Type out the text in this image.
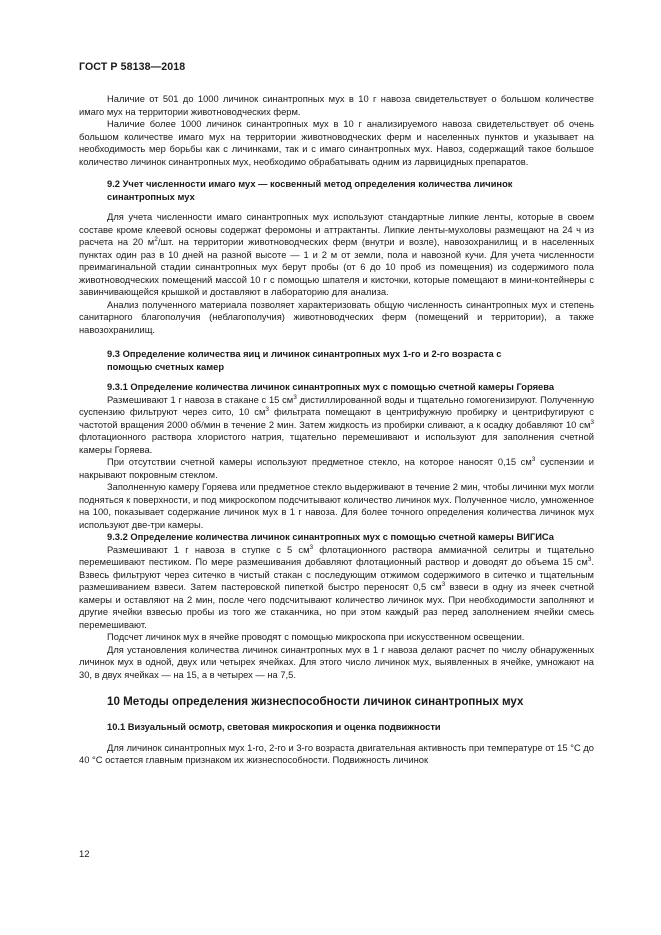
ГОСТ Р 58138—2018

Наличие от 501 до 1000 личинок синантропных мух в 10 г навоза свидетельствует о большом количестве имаго мух на территории животноводческих ферм.

Наличие более 1000 личинок синантропных мух в 10 г анализируемого навоза свидетельствует об очень большом количестве имаго мух на территории животноводческих ферм и населенных пунктов и указывает на необходимость мер борьбы как с личинками, так и с имаго синантропных мух. Навоз, содержащий такое большое количество личинок синантропных мух, необходимо обрабатывать одним из ларвицидных препаратов.

9.2 Учет численности имаго мух — косвенный метод определения количества личинок

синантропных мух

Для учета численности имаго синантропных мух используют стандартные липкие ленты, которые в своем составе кроме клеевой основы содержат феромоны и аттрактанты. Липкие ленты-мухоловы размещают на 24 ч из расчета на 20 $м^2/шт$. на территории животноводческих ферм (внутри и возле), навозохранилищ и в населенных пунктах один раз в 10 дней на разной высоте — 1 и 2 м от земли, пола и навозной кучи. Для учета численности преимагинальной стадии синантропных мух берут пробы (от 6 до 10 проб из помещения) из содержимого пола животноводческих помещений массой 10 г с помощью шпателя и кисточки, которые помещают в мини-контейнеры с завинчивающейся крышкой и доставляют в лабораторию для анализа.

Анализ полученного материала позволяет характеризовать общую численность синантропных мух и степень санитарного благополучия (неблагополучия) животноводческих ферм (помещений и территории), а также навозохранилищ.

9.3 Определение количества яиц и личинок синантропных мух 1-го и 2-го возраста с

помощью счетных камер

9.3.1 Определение количества личинок синантропных мух с помощью счетной камеры Горяева

Размешивают 1 г навоза в стакане с 15 $см^3$ дистиллированной воды и тщательно гомогенизируют. Полученную суспензию фильтруют через сито, 10 $см^3$ фильтрата помещают в центрифужную пробирку и центрифугируют с частотой вращения 2000 об/мин в течение 2 мин. Затем жидкость из пробирки сливают, а к осадку добавляют 10 $см^3$ флотационного раствора хлористого натрия, тщательно перемешивают и используют для заполнения счетной камеры Горяева.

При отсутствии счетной камеры используют предметное стекло, на которое наносят 0,15 $см^3$ суспензии и накрывают покровным стеклом.

Заполненную камеру Горяева или предметное стекло выдерживают в течение 2 мин, чтобы личинки мух могли подняться к поверхности, и под микроскопом подсчитывают количество личинок мух. Полученное число, умноженное на 100, показывает содержание личинок мух в 1 г навоза. Для более точного определения количества личинок мух используют две-три камеры.

9.3.2 Определение количества личинок синантропных мух с помощью счетной камеры ВИГИСа

Размешивают 1 г навоза в ступке с 5 $см^3$ флотационного раствора аммиачной селитры и тщательно перемешивают пестиком. По мере размешивания добавляют флотационный раствор и доводят до объема 15 $см^3$. Взвесь фильтруют через ситечко в чистый стакан с последующим отжимом содержимого в ситечко и тщательным размешиванием взвеси. Затем пастеровской пипеткой быстро переносят 0,5 $см^3$ взвеси в одну из ячеек счетной камеры и оставляют на 2 мин, после чего подсчитывают количество личинок мух. При необходимости заполняют и другие ячейки взвесью пробы из того же стаканчика, но при этом каждый раз перед заполнением ячейки смесь перемешивают.

Подсчет личинок мух в ячейке проводят с помощью микроскопа при искусственном освещении.

Для установления количества личинок синантропных мух в 1 г навоза делают расчет по числу обнаруженных личинок мух в одной, двух или четырех ячейках. Для этого число личинок мух, выявленных в ячейке, умножают на 30, в двух ячейках — на 15, а в четырех — на 7,5.

10 Методы определения жизнеспособности личинок синантропных мух

10.1 Визуальный осмотр, световая микроскопия и оценка подвижности

Для личинок синантропных мух 1-го, 2-го и 3-го возраста двигательная активность при температуре от 15 °С до 40 °С остается главным признаком их жизнеспособности. Подвижность личинок

12
